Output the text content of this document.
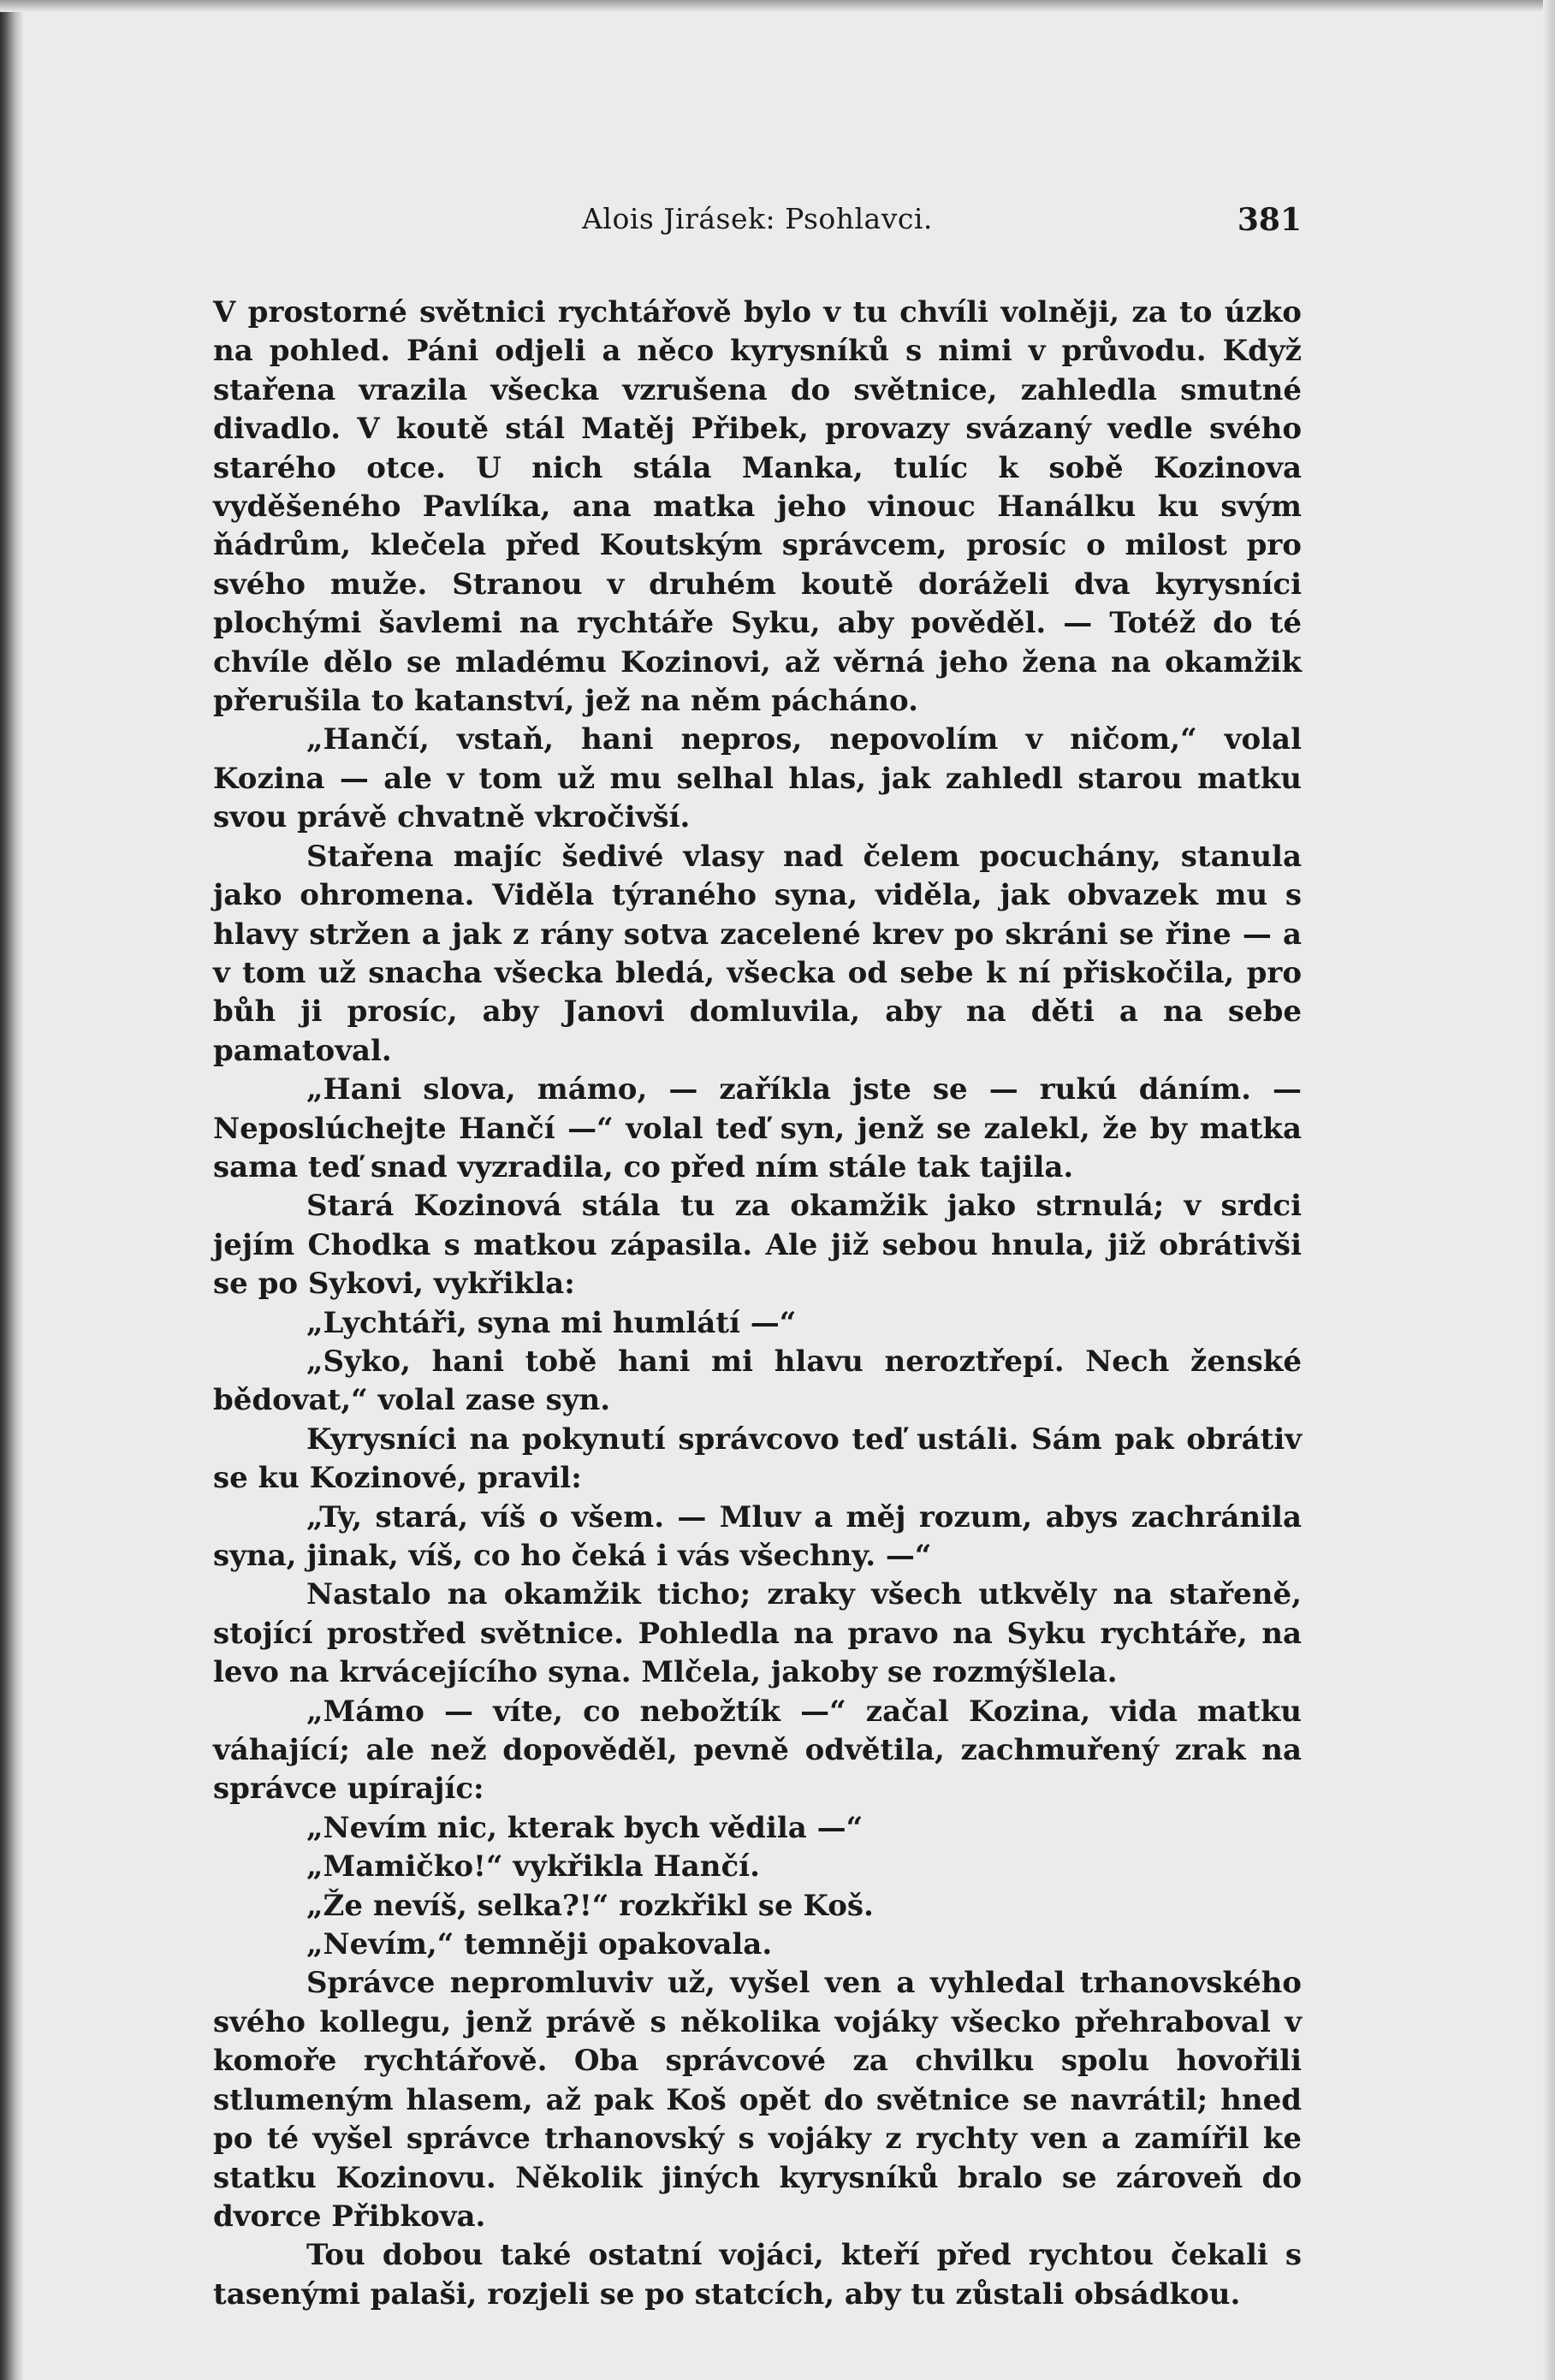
Alois Jirásek: Psohlavci.	381

V prostorné světnici rychtářově bylo v tu chvíli volněji, za to úzko na pohled. Páni odjeli a něco kyrysníků s nimi v průvodu. Když stařena vrazila všecka vzrušena do světnice, zahledla smutné divadlo. V koutě stál Matěj Přibek, provazy svázaný vedle svého starého otce. U nich stála Manka, tulíc k sobě Kozinova vyděšeného Pavlíka, ana matka jeho vinouc Hanálku ku svým ňádrům, klečela před Koutským správcem, prosíc o milost pro svého muže. Stranou v druhém koutě doráželi dva kyrysníci plochými šavlemi na rychtáře Syku, aby pověděl. — Totéž do té chvíle dělo se mladému Kozinovi, až věrná jeho žena na okamžik přerušila to katanství, jež na něm pácháno.

„Hančí, vstaň, hani nepros, nepovolím v ničom,“ volal Kozina — ale v tom už mu selhal hlas, jak zahledl starou matku svou právě chvatně vkročivší.

Stařena majíc šedivé vlasy nad čelem pocuchány, stanula jako ohromena. Viděla týraného syna, viděla, jak obvazek mu s hlavy stržen a jak z rány sotva zacelené krev po skráni se řine — a v tom už snacha všecka bledá, všecka od sebe k ní přiskočila, pro bůh ji prosíc, aby Janovi domluvila, aby na děti a na sebe pamatoval.

„Hani slova, mámo, — zaříkla jste se — rukú dáním. — Neposlúchejte Hančí —“ volal teď syn, jenž se zalekl, že by matka sama teď snad vyzradila, co před ním stále tak tajila.

Stará Kozinová stála tu za okamžik jako strnulá; v srdci jejím Chodka s matkou zápasila. Ale již sebou hnula, již obrátivši se po Sykovi, vykřikla:

„Lychtáři, syna mi humlátí —“

„Syko, hani tobě hani mi hlavu neroztřepí. Nech ženské bědovat,“ volal zase syn.

Kyrysníci na pokynutí správcovo teď ustáli. Sám pak obrátiv se ku Kozinové, pravil:

„Ty, stará, víš o všem. — Mluv a měj rozum, abys zachránila syna, jinak, víš, co ho čeká i vás všechny. —“

Nastalo na okamžik ticho; zraky všech utkvěly na stařeně, stojící prostřed světnice. Pohledla na pravo na Syku rychtáře, na levo na krvácejícího syna. Mlčela, jakoby se rozmýšlela.

„Mámo — víte, co nebožtík —“ začal Kozina, vida matku váhající; ale než dopověděl, pevně odvětila, zachmuřený zrak na správce upírajíc:

„Nevím nic, kterak bych vědila —“

„Mamičko!“ vykřikla Hančí.

„Že nevíš, selka?!“ rozkřikl se Koš.

„Nevím,“ temněji opakovala.

Správce nepromluviv už, vyšel ven a vyhledal trhanovského svého kollegu, jenž právě s několika vojáky všecko přehraboval v komoře rychtářově. Oba správcové za chvilku spolu hovořili stlumeným hlasem, až pak Koš opět do světnice se navrátil; hned po té vyšel správce trhanovský s vojáky z rychty ven a zamířil ke statku Kozinovu. Několik jiných kyrysníků bralo se zároveň do dvorce Přibkova.

Tou dobou také ostatní vojáci, kteří před rychtou čekali s tasenými palaši, rozjeli se po statcích, aby tu zůstali obsádkou.
